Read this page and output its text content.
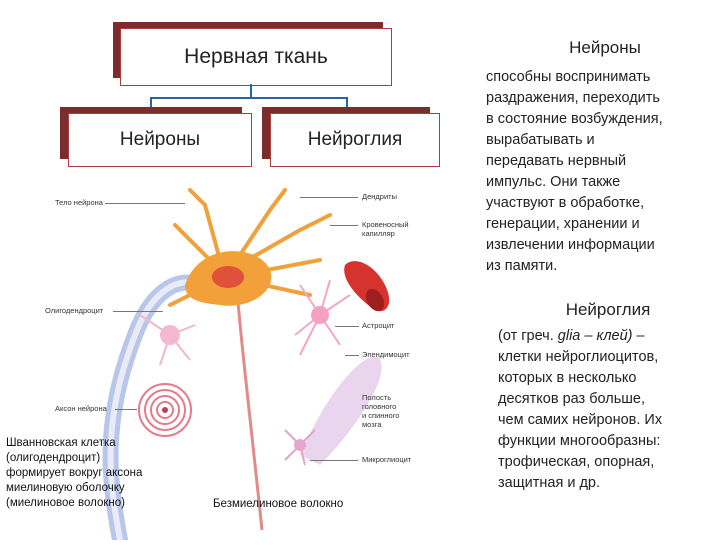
Нервная ткань
Нейроны	Нейроглия
Нейроны
способны воспринимать
раздражения, переходить
в состояние возбуждения,
вырабатывать и
передавать нервный
импульс. Они также
участвуют в обработке,
генерации, хранении и
извлечении информации
из памяти.
Нейроглия
(от греч. glia – клей) –
клетки нейроглиоцитов,
которых в несколько
десятков раз больше,
чем самих нейронов. Их
функции многообразны:
трофическая, опорная,
защитная и др.
Тело нейрона
Дендриты
Кровеносный
капилляр
Олигодендроцит
Астроцит
Эпендимоцит
Аксон нейрона
Полость
головного
и спинного
мозга
Микроглиоцит
Шванновская клетка
(олигодендроцит)
формирует вокруг аксона
миелиновую оболочку
(миелиновое волокно)	Безмиелиновое волокно
